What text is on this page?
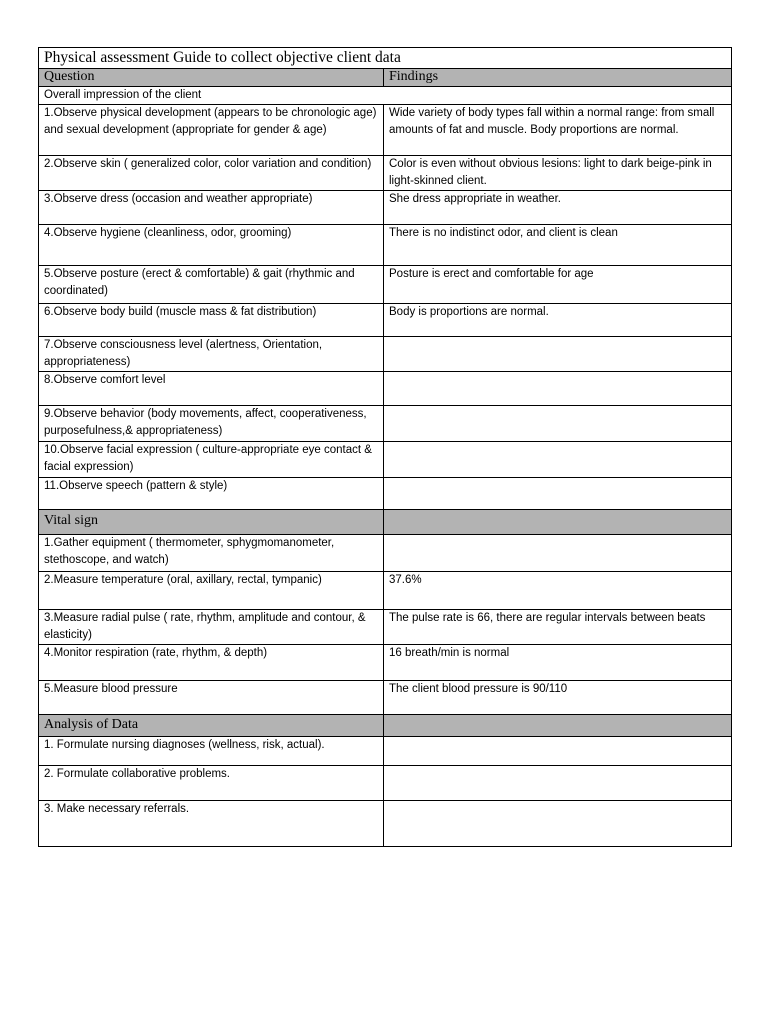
Physical assessment Guide to collect objective client data	
Question	Findings
Overall impression of the client	
1.Observe physical development (appears to be chronologic age) and sexual development (appropriate for gender & age)	Wide variety of body types fall within a normal range: from small amounts of fat and muscle. Body proportions are normal.
2.Observe skin ( generalized color, color variation and condition)	Color is even without obvious lesions: light to dark beige-pink in light-skinned client.
3.Observe dress (occasion and weather appropriate)	She dress appropriate in weather.
4.Observe hygiene (cleanliness, odor, grooming)	There is no indistinct odor, and client is clean
5.Observe posture (erect & comfortable) & gait (rhythmic and coordinated)	Posture is erect and comfortable for age
6.Observe body build (muscle mass & fat distribution)	Body is proportions are normal.
7.Observe consciousness level (alertness, Orientation, appropriateness)	
8.Observe comfort level	
9.Observe behavior (body movements, affect, cooperativeness, purposefulness,& appropriateness)	
10.Observe facial expression ( culture-appropriate eye contact & facial expression)	
11.Observe speech (pattern & style)	
Vital sign	
1.Gather equipment ( thermometer, sphygmomanometer, stethoscope, and watch)	
2.Measure temperature (oral, axillary, rectal, tympanic)	37.6%
3.Measure radial pulse ( rate, rhythm, amplitude and contour, & elasticity)	The pulse rate is 66, there are regular intervals between beats
4.Monitor respiration (rate, rhythm, & depth)	16 breath/min is normal
5.Measure blood pressure	The client blood pressure is 90/110
Analysis of Data	
1. Formulate nursing diagnoses (wellness, risk, actual).	
2. Formulate collaborative problems.	
3. Make necessary referrals.	
